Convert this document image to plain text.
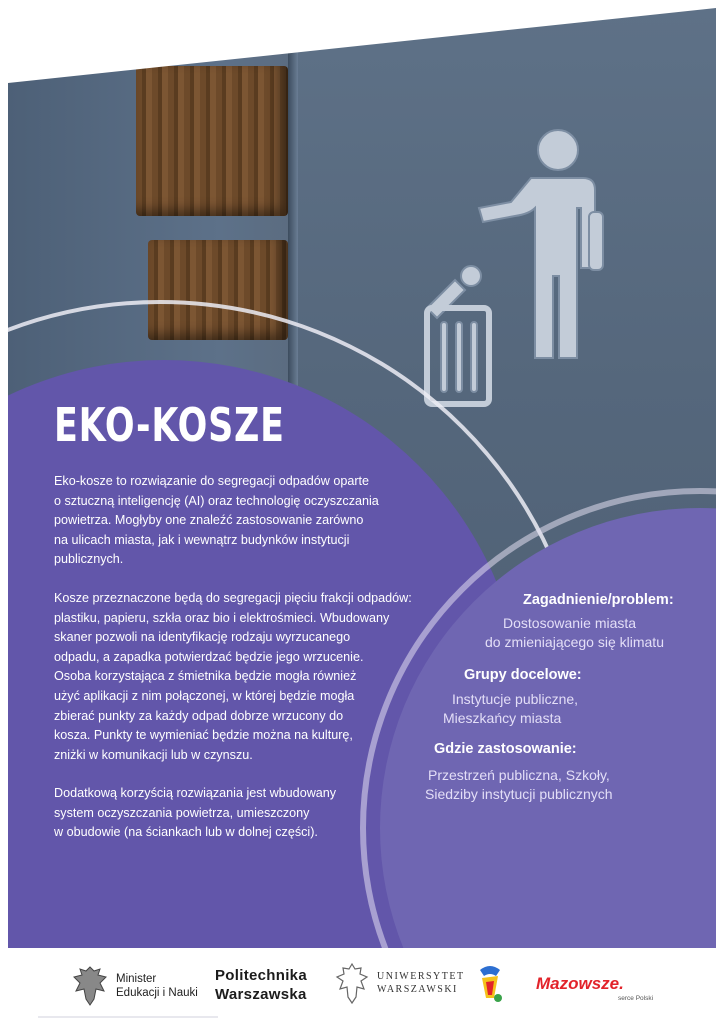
EKO-KOSZE
Eko-kosze to rozwiązanie do segregacji odpadów oparte
o sztuczną inteligencję (AI) oraz technologię oczyszczania
powietrza. Mogłyby one znaleźć zastosowanie zarówno
na ulicach miasta, jak i wewnątrz budynków instytucji
publicznych.
Kosze przeznaczone będą do segregacji pięciu frakcji odpadów:
plastiku, papieru, szkła oraz bio i elektrośmieci. Wbudowany
skaner pozwoli na identyfikację rodzaju wyrzucanego
odpadu, a zapadka potwierdzać będzie jego wrzucenie.
Osoba korzystająca z śmietnika będzie mogła również
użyć aplikacji z nim połączonej, w której będzie mogła
zbierać punkty za każdy odpad dobrze wrzucony do
kosza. Punkty te wymieniać będzie można na kulturę,
zniżki w komunikacji lub w czynszu.
Dodatkową korzyścią rozwiązania jest wbudowany
system oczyszczania powietrza, umieszczony
w obudowie (na ściankach lub w dolnej części).
Zagadnienie/problem:
Dostosowanie miasta
do zmieniającego się klimatu
Grupy docelowe:
Instytucje publiczne,
Mieszkańcy miasta
Gdzie zastosowanie:
Przestrzeń publiczna, Szkoły,
Siedziby instytucji publicznych
Minister
Edukacji i Nauki
Politechnika
Warszawska
UNIWERSYTET
WARSZAWSKI	Mazowsze.
serce Polski
